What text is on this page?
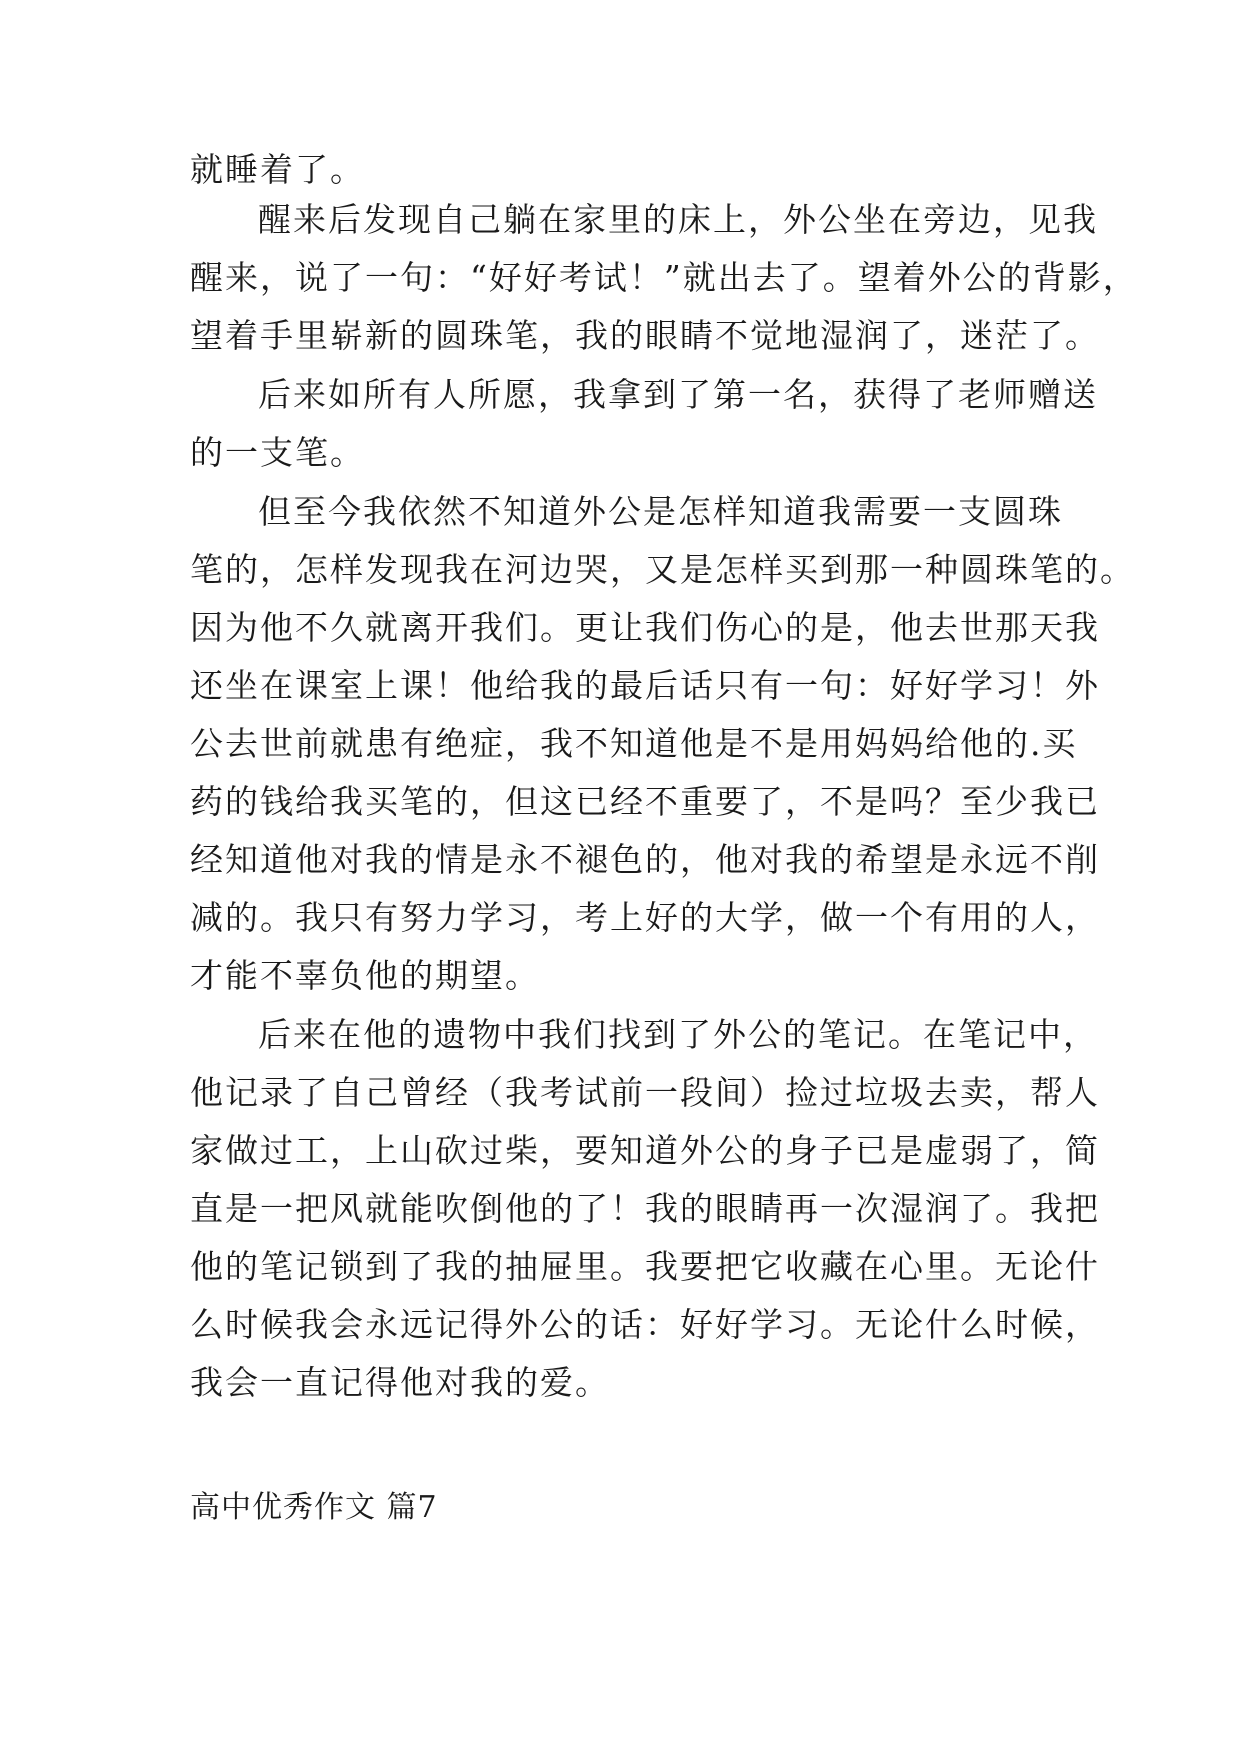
就睡着了。
醒来后发现自己躺在家里的床上，外公坐在旁边，见我
醒来，说了一句：“好好考试！”就出去了。望着外公的背影，
望着手里崭新的圆珠笔，我的眼睛不觉地湿润了，迷茫了。
后来如所有人所愿，我拿到了第一名，获得了老师赠送
的一支笔。
但至今我依然不知道外公是怎样知道我需要一支圆珠
笔的，怎样发现我在河边哭，又是怎样买到那一种圆珠笔的。
因为他不久就离开我们。更让我们伤心的是，他去世那天我
还坐在课室上课！他给我的最后话只有一句：好好学习！外
公去世前就患有绝症，我不知道他是不是用妈妈给他的.买
药的钱给我买笔的，但这已经不重要了，不是吗？至少我已
经知道他对我的情是永不褪色的，他对我的希望是永远不削
减的。我只有努力学习，考上好的大学，做一个有用的人，
才能不辜负他的期望。
后来在他的遗物中我们找到了外公的笔记。在笔记中，
他记录了自己曾经（我考试前一段间）捡过垃圾去卖，帮人
家做过工，上山砍过柴，要知道外公的身子已是虚弱了，简
直是一把风就能吹倒他的了！我的眼睛再一次湿润了。我把
他的笔记锁到了我的抽屉里。我要把它收藏在心里。无论什
么时候我会永远记得外公的话：好好学习。无论什么时候，
我会一直记得他对我的爱。
高中优秀作文 篇7
